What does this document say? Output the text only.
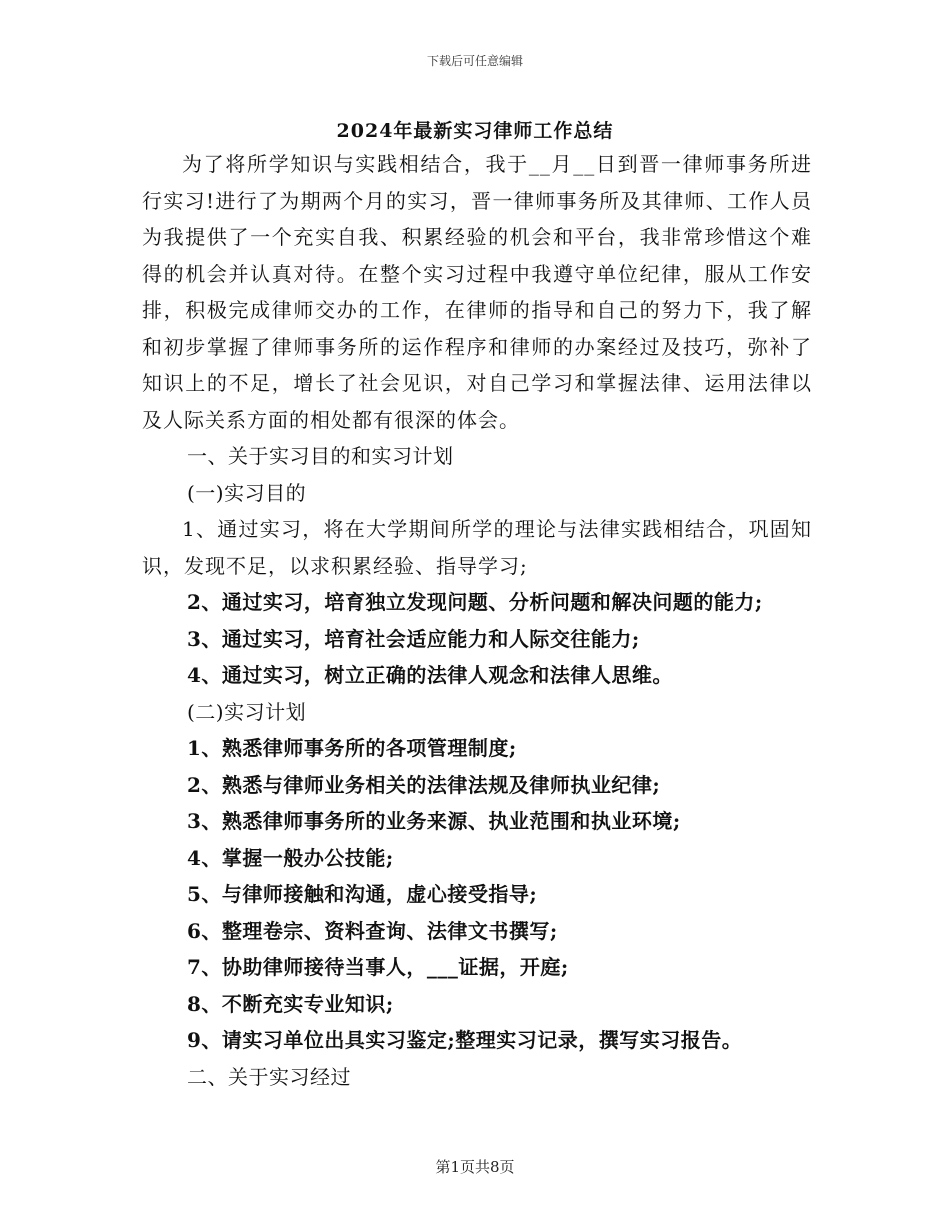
下载后可任意编辑
2024年最新实习律师工作总结

为了将所学知识与实践相结合，我于__月__日到晋一律师事务所进行实习!进行了为期两个月的实习，晋一律师事务所及其律师、工作人员为我提供了一个充实自我、积累经验的机会和平台，我非常珍惜这个难得的机会并认真对待。在整个实习过程中我遵守单位纪律，服从工作安排，积极完成律师交办的工作，在律师的指导和自己的努力下，我了解和初步掌握了律师事务所的运作程序和律师的办案经过及技巧，弥补了知识上的不足，增长了社会见识，对自己学习和掌握法律、运用法律以及人际关系方面的相处都有很深的体会。

一、关于实习目的和实习计划

(一)实习目的

1、通过实习，将在大学期间所学的理论与法律实践相结合，巩固知识，发现不足，以求积累经验、指导学习;

2、通过实习，培育独立发现问题、分析问题和解决问题的能力;

3、通过实习，培育社会适应能力和人际交往能力;

4、通过实习，树立正确的法律人观念和法律人思维。

(二)实习计划

1、熟悉律师事务所的各项管理制度;

2、熟悉与律师业务相关的法律法规及律师执业纪律;

3、熟悉律师事务所的业务来源、执业范围和执业环境;

4、掌握一般办公技能;

5、与律师接触和沟通，虚心接受指导;

6、整理卷宗、资料查询、法律文书撰写;

7、协助律师接待当事人，___证据，开庭;

8、不断充实专业知识;

9、请实习单位出具实习鉴定;整理实习记录，撰写实习报告。

二、关于实习经过

第1页共8页
